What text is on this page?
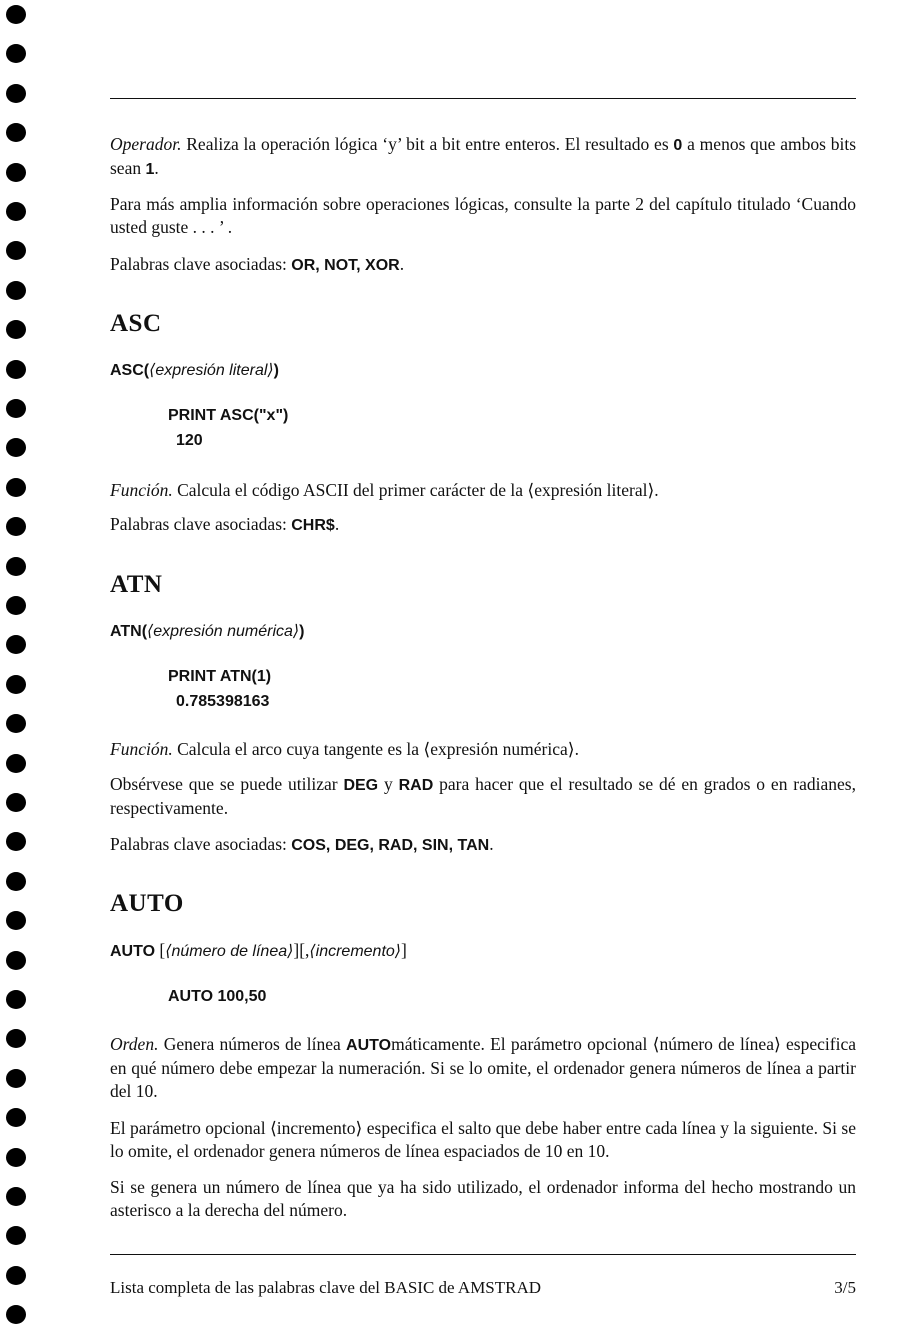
Operador. Realiza la operación lógica ‘y’ bit a bit entre enteros. El resultado es 0 a menos que ambos bits sean 1.

Para más amplia información sobre operaciones lógicas, consulte la parte 2 del capítulo titulado ‘Cuando usted guste . . . ’ .

Palabras clave asociadas: OR, NOT, XOR.

ASC

ASC(⟨expresión literal⟩)

PRINT ASC("x")

120

Función. Calcula el código ASCII del primer carácter de la ⟨expresión literal⟩.

Palabras clave asociadas: CHR$.

ATN

ATN(⟨expresión numérica⟩)

PRINT ATN(1)

0.785398163

Función. Calcula el arco cuya tangente es la ⟨expresión numérica⟩.

Obsérvese que se puede utilizar DEG y RAD para hacer que el resultado se dé en grados o en radianes, respectivamente.

Palabras clave asociadas: COS, DEG, RAD, SIN, TAN.

AUTO

AUTO [⟨número de línea⟩][,⟨incremento⟩]

AUTO 100,50

Orden. Genera números de línea AUTOmáticamente. El parámetro opcional ⟨número de línea⟩ especifica en qué número debe empezar la numeración. Si se lo omite, el ordenador genera números de línea a partir del 10.

El parámetro opcional ⟨incremento⟩ especifica el salto que debe haber entre cada línea y la siguiente. Si se lo omite, el ordenador genera números de línea espaciados de 10 en 10.

Si se genera un número de línea que ya ha sido utilizado, el ordenador informa del hecho mostrando un asterisco a la derecha del número.

Lista completa de las palabras clave del BASIC de AMSTRAD	3/5
